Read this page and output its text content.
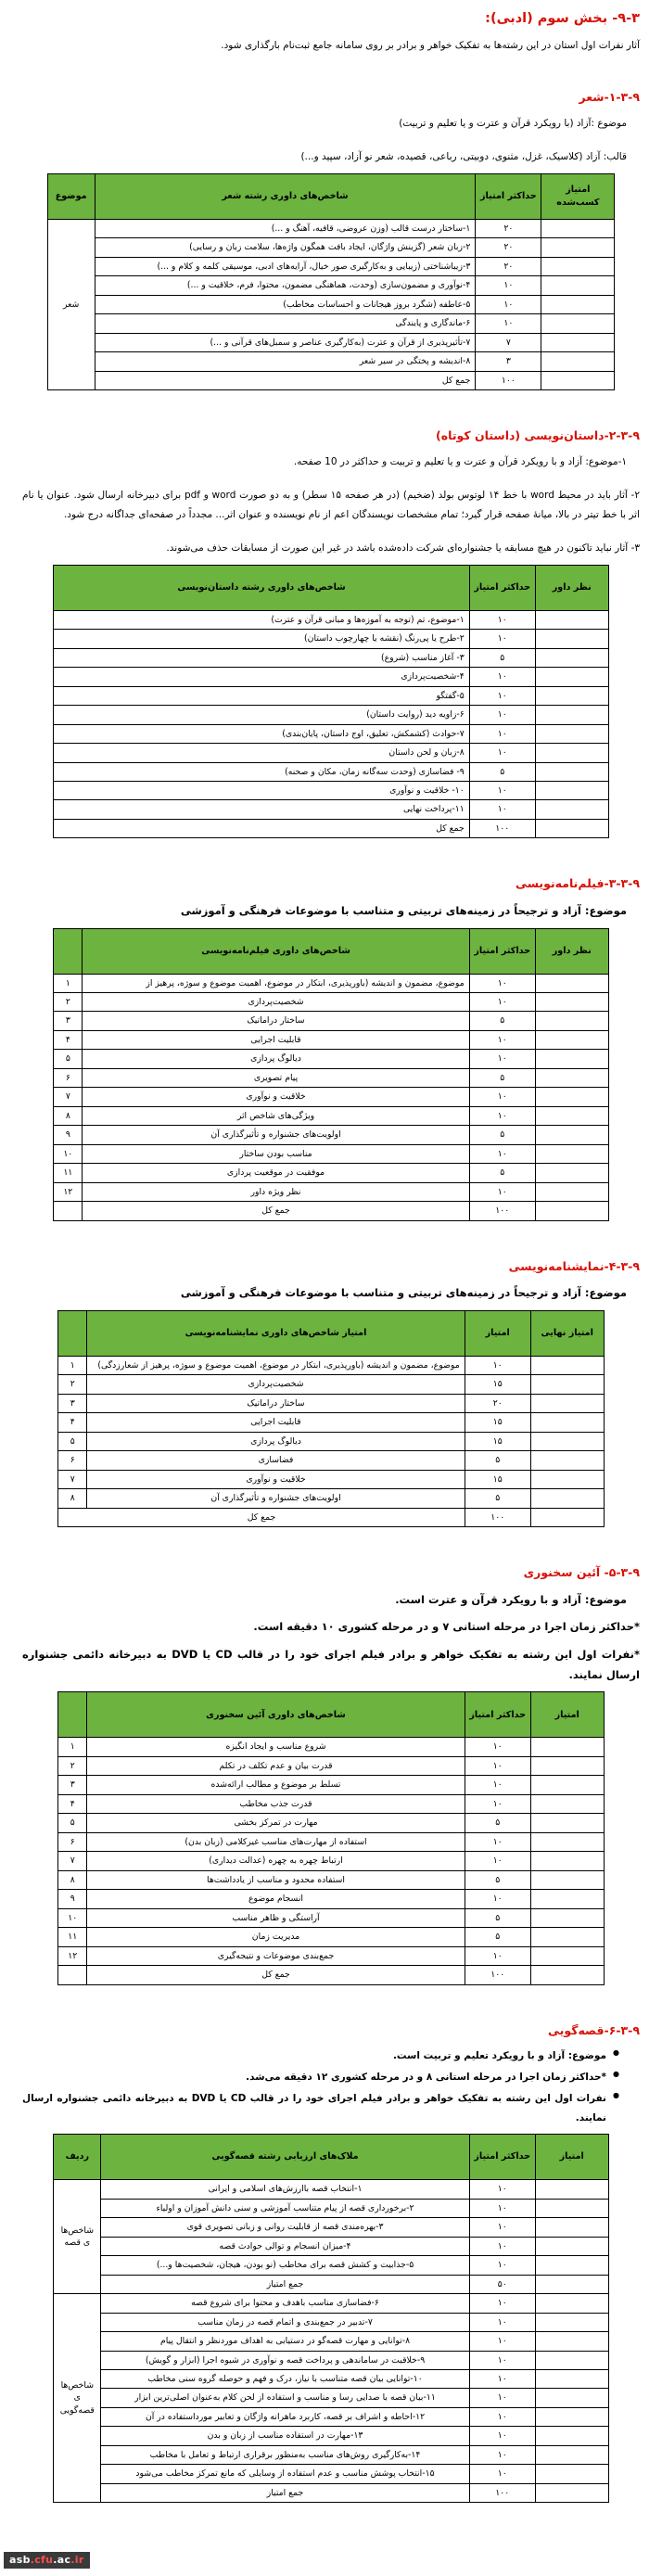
۹-۳- بخش سوم (ادبی):

آثار نفرات اول استان در این رشته‌ها به تفکیک خواهر و برادر بر روی سامانه جامع ثبت‌نام بارگذاری شود.

۱-۳-۹-شعر

موضوع :آزاد (با رویکرد قرآن و عترت و یا تعلیم و تربیت)

قالب: آزاد (کلاسیک، غزل، مثنوی، دوبیتی، رباعی، قصیده، شعر نو آزاد، سپید و...)

امتیاز کسب‌شده	حداکثر امتیاز	شاخص‌های داوری رشته شعر	موضوع
	۲۰	۱-ساختار درست قالب (وزن عروضی، قافیه، آهنگ و ...)	شعر
	۲۰	۲-زبان شعر (گزینش واژگان، ایجاد بافت همگون واژه‌ها، سلامت زبان و رسایی)	
	۲۰	۳-زیباشناختی (زیبایی و به‌کارگیری صور خیال، آرایه‌های ادبی، موسیقی کلمه و کلام و ...)	
	۱۰	۴-نوآوری و مضمون‌سازی (وحدت، هماهنگی مضمون، محتوا، فرم، خلاقیت و ...)	
	۱۰	۵-عاطفه (شگرد بروز هیجانات و احساسات مخاطب)	
	۱۰	۶-ماندگاری و پایندگی	
	۷	۷-تأثیرپذیری از قرآن و عترت (به‌کارگیری عناصر و سمبل‌های قرآنی و ...)	
	۳	۸-اندیشه و پختگی در سیر شعر	
	۱۰۰	جمع کل	
۲-۳-۹-داستان‌نویسی (داستان کوتاه)

۱-موضوع: آزاد و با رویکرد قرآن و عترت و یا تعلیم و تربیت و حداکثر در 10 صفحه.

۲- آثار باید در محیط word با خط ۱۴ لوتوس بولد (ضخیم) (در هر صفحه ۱۵ سطر) و به دو صورت word و pdf برای دبیرخانه ارسال شود. عنوان یا نام اثر با خط تیتر در بالا، میانهٔ صفحه قرار گیرد؛ تمام مشخصات نویسندگان اعم از نام نویسنده و عنوان اثر... مجدداً در صفحه‌ای جداگانه درج شود.

۳- آثار نباید تاکنون در هیچ مسابقه یا جشنواره‌ای شرکت داده‌شده باشد در غیر این صورت از مسابقات حذف می‌شوند.

نظر داور	حداکثر امتیاز	شاخص‌های داوری رشته داستان‌نویسی
	۱۰	۱-موضوع، تم (توجه به آموزه‌ها و مبانی قرآن و عترت)
	۱۰	۲-طرح یا پی‌رنگ (نقشه یا چهارچوب داستان)
	۵	۳- آغاز مناسب (شروع)
	۱۰	۴-شخصیت‌پردازی
	۱۰	۵-گفتگو
	۱۰	۶-زاویه دید (روایت داستان)
	۱۰	۷-حوادث (کشمکش، تعلیق، اوج داستان، پایان‌بندی)
	۱۰	۸-زبان و لحن داستان
	۵	۹- فضاسازی (وحدت سه‌گانه زمان، مکان و صحنه)
	۱۰	۱۰- خلاقیت و نوآوری
	۱۰	۱۱-پرداخت نهایی
	۱۰۰	جمع کل
۳-۳-۹-فیلم‌نامه‌نویسی

موضوع: آزاد و ترجیحاً در زمینه‌های تربیتی و متناسب با موضوعات فرهنگی و آموزشی

نظر داور	حداکثر امتیاز	شاخص‌های داوری فیلم‌نامه‌نویسی	
	۱۰	موضوع، مضمون و اندیشه (باورپذیری، ابتکار در موضوع، اهمیت موضوع و سوژه، پرهیز از	۱
	۱۰	شخصیت‌پردازی	۲
	۵	ساختار دراماتیک	۳
	۱۰	قابلیت اجرایی	۴
	۱۰	دیالوگ پردازی	۵
	۵	پیام تصویری	۶
	۱۰	خلاقیت و نوآوری	۷
	۱۰	ویژگی‌های شاخص اثر	۸
	۵	اولویت‌های جشنواره و تأثیرگذاری آن	۹
	۱۰	مناسب بودن ساختار	۱۰
	۵	موفقیت در موقعیت پردازی	۱۱
	۱۰	نظر ویژه داور	۱۲
	۱۰۰	جمع کل	
۴-۳-۹-نمایشنامه‌نویسی

موضوع: آزاد و ترجیحاً در زمینه‌های تربیتی و متناسب با موضوعات فرهنگی و آموزشی

امتیاز نهایی	امتیاز	امتیاز شاخص‌های داوری نمایشنامه‌نویسی	
	۱۰	موضوع، مضمون و اندیشه (باورپذیری، ابتکار در موضوع، اهمیت موضوع و سوژه، پرهیز از شعارزدگی)	۱
	۱۵	شخصیت‌پردازی	۲
	۲۰	ساختار دراماتیک	۳
	۱۵	قابلیت اجرایی	۴
	۱۵	دیالوگ پردازی	۵
	۵	فضاسازی	۶
	۱۵	خلاقیت و نوآوری	۷
	۵	اولویت‌های جشنواره و تأثیرگذاری آن	۸
	۱۰۰	جمع کل	
۵-۳-۹- آئین سخنوری

موضوع: آزاد و با رویکرد قرآن و عترت است.

*حداکثر زمان اجرا در مرحله استانی ۷ و در مرحله کشوری ۱۰ دقیقه است.

*نفرات اول این رشته به تفکیک خواهر و برادر فیلم اجرای خود را در قالب CD یا DVD به دبیرخانه دائمی جشنواره ارسال نمایند.

امتیاز	حداکثر امتیاز	شاخص‌های داوری آئین سخنوری	
	۱۰	شروع مناسب و ایجاد انگیزه	۱
	۱۰	قدرت بیان و عدم تکلف در تکلم	۲
	۱۰	تسلط بر موضوع و مطالب ارائه‌شده	۳
	۱۰	قدرت جذب مخاطب	۴
	۵	مهارت در تمرکز بخشی	۵
	۱۰	استفاده از مهارت‌های مناسب غیرکلامی (زبان بدن)	۶
	۱۰	ارتباط چهره به چهره (عدالت دیداری)	۷
	۵	استفاده محدود و مناسب از یادداشت‌ها	۸
	۱۰	انسجام موضوع	۹
	۵	آراستگی و ظاهر مناسب	۱۰
	۵	مدیریت زمان	۱۱
	۱۰	جمع‌بندی موضوعات و نتیجه‌گیری	۱۲
	۱۰۰	جمع کل	
۶-۳-۹-قصه‌گویی
● موضوع: آزاد و با رویکرد تعلیم و تربیت است.
● *حداکثر زمان اجرا در مرحله استانی ۸ و در مرحله کشوری ۱۲ دقیقه می‌شد.
● نفرات اول این رشته به تفکیک خواهر و برادر فیلم اجرای خود را در قالب CD یا DVD به دبیرخانه دائمی جشنواره ارسال نمایند.
امتیاز	حداکثر امتیاز	ملاک‌های ارزیابی رشته قصه‌گویی	ردیف
	۱۰	۱-انتخاب قصه باارزش‌های اسلامی و ایرانی	شاخص‌های قصه
	۱۰	۲-برخورداری قصه از پیام متناسب آموزشی و سنی دانش آموزان و اولیاء	
	۱۰	۳-بهره‌مندی قصه از قابلیت روانی و زبانی تصویری قوی	
	۱۰	۴-میزان انسجام و توالی حوادث قصه	
	۱۰	۵-جذابیت و کشش قصه برای مخاطب (نو بودن، هیجان، شخصیت‌ها و...)	
	۵۰	جمع امتیاز	
	۱۰	۶-فضاسازی مناسب باهدف و محتوا برای شروع قصه	شاخص‌های قصه‌گویی
	۱۰	۷-تدبیر در جمع‌بندی و اتمام قصه در زمان مناسب	
	۱۰	۸-توانایی و مهارت قصه‌گو در دستیابی به اهداف موردنظر و انتقال پیام	
	۱۰	۹-خلاقیت در ساماندهی و پرداخت قصه و نوآوری در شیوه اجرا (ابزار و گویش)	
	۱۰	۱۰-توانایی بیان قصه متناسب با نیاز، درک و فهم و حوصله گروه سنی مخاطب	
	۱۰	۱۱-بیان قصه با صدایی رسا و مناسب و استفاده از لحن کلام به‌عنوان اصلی‌ترین ابزار	
	۱۰	۱۲-احاطه و اشراف بر قصه، کاربرد ماهرانه واژگان و تعابیر مورداستفاده در آن	
	۱۰	۱۳-مهارت در استفاده مناسب از زبان و بدن	
	۱۰	۱۴-به‌کارگیری روش‌های مناسب به‌منظور برقراری ارتباط و تعامل با مخاطب	
	۱۰	۱۵-انتخاب پوشش مناسب و عدم استفاده از وسایلی که مانع تمرکز مخاطب می‌شود	
	۱۰۰	جمع امتیاز	
asb.cfu.ac.ir
